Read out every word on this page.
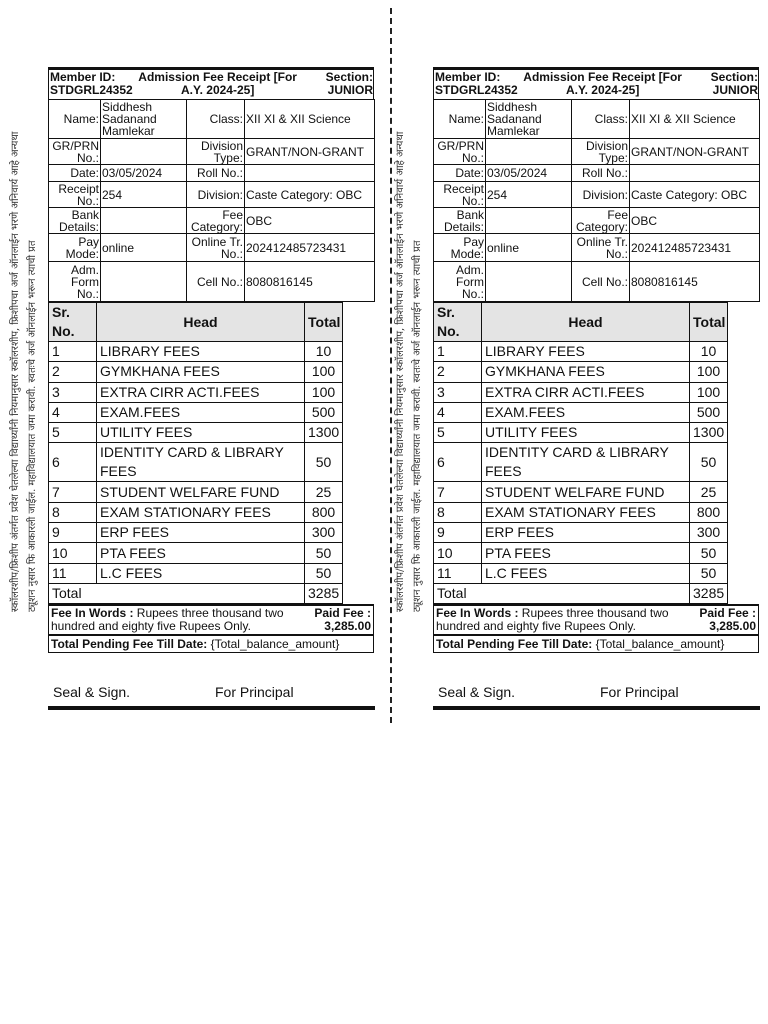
स्कॉलरशीप/फ्रिशीप अंतर्गत प्रवेश घेतलेल्या विद्यार्थ्यांनी नियमानुसार स्कॉलरशीप, फ्रिशीपचा अर्ज ऑनलाईन भरणे अनिवार्य आहे अन्यथा ट्यूशन नुसार फि आकारली जाईल. महाविद्यालयात जमा करावी. स्वतःचे अर्ज ऑनलाईन भरून त्याची प्रत
Member ID:
STDGRL24352
Admission Fee Receipt [For
A.Y. 2024-25]
Section:
JUNIOR
Name:	Siddhesh Sadanand Mamlekar	Class:	XII XI & XII Science
GR/PRN No.:		Division Type:	GRANT/NON-GRANT
Date:	03/05/2024	Roll No.:	
Receipt No.:	254	Division:	Caste Category: OBC
Bank Details:		Fee Category:	OBC
Pay Mode:	online	Online Tr. No.:	202412485723431
Adm. Form No.:		Cell No.:	8080816145
Sr. No.	Head	Total	
1	LIBRARY FEES	10	
2	GYMKHANA FEES	100	
3	EXTRA CIRR ACTI.FEES	100	
4	EXAM.FEES	500	
5	UTILITY FEES	1300	
6	IDENTITY CARD & LIBRARY FEES	50	
7	STUDENT WELFARE FUND	25	
8	EXAM STATIONARY FEES	800	
9	ERP FEES	300	
10	PTA FEES	50	
11	L.C FEES	50	
Total		3285	
Fee In Words : Rupees three thousand two hundred and eighty five Rupees Only.
Paid Fee :
3,285.00
Total Pending Fee Till Date: {Total_balance_amount}
Seal & Sign.	For Principal
स्कॉलरशीप/फ्रिशीप अंतर्गत प्रवेश घेतलेल्या विद्यार्थ्यांनी नियमानुसार स्कॉलरशीप, फ्रिशीपचा अर्ज ऑनलाईन भरणे अनिवार्य आहे अन्यथा ट्यूशन नुसार फि आकारली जाईल. महाविद्यालयात जमा करावी. स्वतःचे अर्ज ऑनलाईन भरून त्याची प्रत
Member ID:
STDGRL24352
Admission Fee Receipt [For
A.Y. 2024-25]
Section:
JUNIOR
Name:	Siddhesh Sadanand Mamlekar	Class:	XII XI & XII Science
GR/PRN No.:		Division Type:	GRANT/NON-GRANT
Date:	03/05/2024	Roll No.:	
Receipt No.:	254	Division:	Caste Category: OBC
Bank Details:		Fee Category:	OBC
Pay Mode:	online	Online Tr. No.:	202412485723431
Adm. Form No.:		Cell No.:	8080816145
Sr. No.	Head	Total	
1	LIBRARY FEES	10	
2	GYMKHANA FEES	100	
3	EXTRA CIRR ACTI.FEES	100	
4	EXAM.FEES	500	
5	UTILITY FEES	1300	
6	IDENTITY CARD & LIBRARY FEES	50	
7	STUDENT WELFARE FUND	25	
8	EXAM STATIONARY FEES	800	
9	ERP FEES	300	
10	PTA FEES	50	
11	L.C FEES	50	
Total		3285	
Fee In Words : Rupees three thousand two hundred and eighty five Rupees Only.
Paid Fee :
3,285.00
Total Pending Fee Till Date: {Total_balance_amount}
Seal & Sign.	For Principal
